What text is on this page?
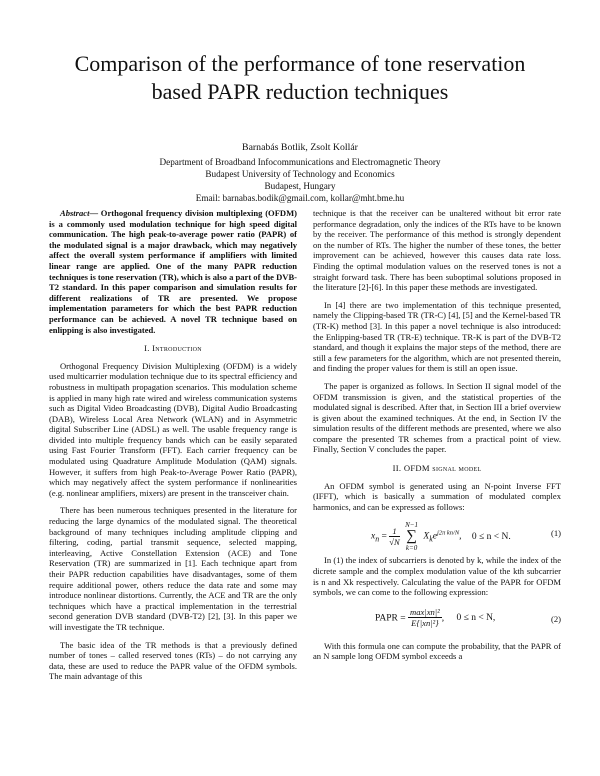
Comparison of the performance of tone reservation
based PAPR reduction techniques
Barnabás Botlik, Zsolt Kollár
Department of Broadband Infocommunications and Electromagnetic Theory
Budapest University of Technology and Economics
Budapest, Hungary
Email: barnabas.bodik@gmail.com, kollar@mht.bme.hu

Abstract— Orthogonal frequency division multiplexing (OFDM) is a commonly used modulation technique for high speed digital communication. The high peak-to-average power ratio (PAPR) of the modulated signal is a major drawback, which may negatively affect the overall system performance if amplifiers with limited linear range are applied. One of the many PAPR reduction techniques is tone reservation (TR), which is also a part of the DVB-T2 standard. In this paper comparison and simulation results for different realizations of TR are presented. We propose implementation parameters for which the best PAPR reduction performance can be achieved. A novel TR technique based on enlipping is also investigated.

I. Introduction

Orthogonal Frequency Division Multiplexing (OFDM) is a widely used multicarrier modulation technique due to its spectral efficiency and robustness in multipath propagation scenarios. This modulation scheme is applied in many high rate wired and wireless communication systems such as Digital Video Broadcasting (DVB), Digital Audio Broadcasting (DAB), Wireless Local Area Network (WLAN) and in Asymmetric digital Subscriber Line (ADSL) as well. The usable frequency range is divided into multiple frequency bands which can be easily separated using Fast Fourier Transform (FFT). Each carrier frequency can be modulated using Quadrature Amplitude Modulation (QAM) signals. However, it suffers from high Peak-to-Average Power Ratio (PAPR), which may negatively affect the system performance if nonlinearities (e.g. nonlinear amplifiers, mixers) are present in the transceiver chain.

There has been numerous techniques presented in the literature for reducing the large dynamics of the modulated signal. The theoretical background of many techniques including amplitude clipping and filtering, coding, partial transmit sequence, selected mapping, interleaving, Active Constellation Extension (ACE) and Tone Reservation (TR) are summarized in [1]. Each technique apart from their PAPR reduction capabilities have disadvantages, some of them require additional power, others reduce the data rate and some may introduce nonlinear distortions. Currently, the ACE and TR are the only techniques which have a practical implementation in the terrestrial second generation DVB standard (DVB-T2) [2], [3]. In this paper we will investigate the TR technique.

The basic idea of the TR methods is that a previously defined number of tones – called reserved tones (RTs) – do not carrying any data, these are used to reduce the PAPR value of the OFDM symbols. The main advantage of this

technique is that the receiver can be unaltered without bit error rate performance degradation, only the indices of the RTs have to be known by the receiver. The performance of this method is strongly dependent on the number of RTs. The higher the number of these tones, the better improvement can be achieved, however this causes data rate loss. Finding the optimal modulation values on the reserved tones is not a straight forward task. There has been suboptimal solutions proposed in the literature [2]-[6]. In this paper these methods are investigated.

In [4] there are two implementation of this technique presented, namely the Clipping-based TR (TR-C) [4], [5] and the Kernel-based TR (TR-K) method [3]. In this paper a novel technique is also introduced: the Enlipping-based TR (TR-E) technique. TR-K is part of the DVB-T2 standard, and though it explains the major steps of the method, there are still a few parameters for the algorithm, which are not presented therein, and finding the proper values for them is still an open issue.

The paper is organized as follows. In Section II signal model of the OFDM transmission is given, and the statistical properties of the modulated signal is described. After that, in Section III a brief overview is given about the examined techniques. At the end, in Section IV the simulation results of the different methods are presented, where we also compare the presented TR schemes from a practical point of view. Finally, Section V concludes the paper.

II. OFDM signal model

An OFDM symbol is generated using an N-point Inverse FFT (IFFT), which is basically a summation of modulated complex harmonics, and can be expressed as follows:

$x_n = \frac{1}{√N}$
N−1
∑
k=0 $X_ke^{j2\pi kn/N}$, 0 ≤ n < N.	(1)

In (1) the index of subcarriers is denoted by k, while the index of the dicrete sample and the complex modulation value of the kth subcarrier is n and Xk respectively. Calculating the value of the PAPR for OFDM symbols, we can come to the following expression:

PAPR = $\frac{\text{max|xn|²}}{\text{E\{|xn|²\}}}$ , 0 ≤ n < N,	(2)

With this formula one can compute the probability, that the PAPR of an N sample long OFDM symbol exceeds a
